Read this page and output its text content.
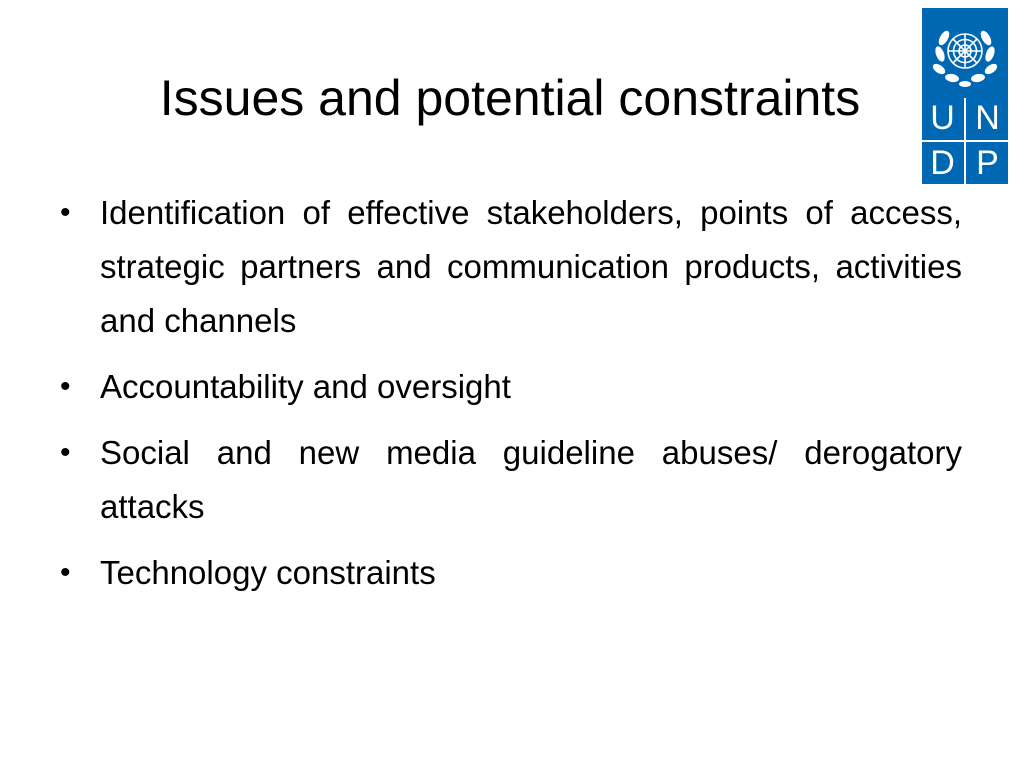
Issues and potential constraints	U N
D P
• Identification of effective stakeholders, points of access, strategic partners and communication products, activities and channels
• Accountability and oversight
• Social and new media guideline abuses/ derogatory attacks
• Technology constraints
